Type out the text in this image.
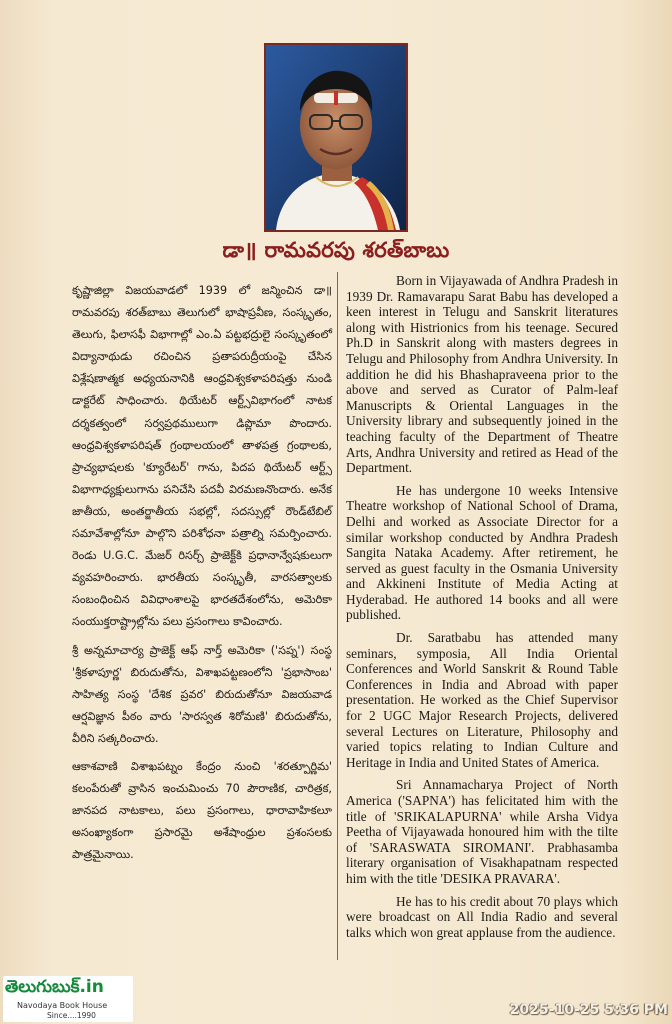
డా॥ రామవరపు శరత్‌బాబు

కృష్ణాజిల్లా విజయవాడలో 1939 లో జన్మించిన డా॥రామవరపు శరత్‌బాబు తెలుగులో భాషాప్రవీణ, సంస్కృతం, తెలుగు, ఫిలాసఫీ విభాగాల్లో ఎం.ఏ పట్టభద్రులై సంస్కృతంలో విద్యానాథుడు రచించిన ప్రతాపరుద్రీయంపై చేసిన విశ్లేషణాత్మక అధ్యయనానికి ఆంధ్రవిశ్వకళాపరిషత్తు నుండి డాక్టరేట్ సాధించారు. థియేటర్ ఆర్ట్స్‌విభాగంలో నాటక దర్శకత్వంలో సర్వప్రథములుగా డిప్లొమా పొందారు. ఆంధ్రవిశ్వకళాపరిషత్ గ్రంథాలయంలో తాళపత్ర గ్రంథాలకు, ప్రాచ్యభాషలకు 'క్యూరేటర్' గాను, పిదప థియేటర్ ఆర్ట్స్ విభాగాధ్యక్షులుగాను పనిచేసి పదవీ విరమణనొందారు. అనేక జాతీయ, అంతర్జాతీయ సభల్లో, సదస్సుల్లో రౌండ్‌టేబిల్ సమావేశాల్లోనూ పాల్గొని పరిశోధనా పత్రాల్ని సమర్పించారు. రెండు U.G.C. మేజర్ రిసర్చ్ ప్రాజెక్ట్‌కి ప్రధానాన్వేషకులుగా వ్యవహరించారు. భారతీయ సంస్కృతీ, వారసత్వాలకు సంబంధించిన వివిధాంశాలపై భారతదేశంలోను, అమెరికా సంయుక్తరాష్ట్రాల్లోను పలు ప్రసంగాలు కావించారు.

శ్రీ అన్నమాచార్య ప్రాజెక్ట్ ఆఫ్ నార్త్ అమెరికా ('సప్న') సంస్థ 'శ్రీకళాపూర్ణ' బిరుదుతోను, విశాఖపట్టణంలోని 'ప్రభాసాంబ' సాహిత్య సంస్థ 'దేశిక ప్రవర' బిరుదుతోనూ విజయవాడ ఆర్షవిజ్ఞాన పీఠం వారు 'సారస్వత శిరోమణి' బిరుదుతోను, వీరిని సత్కరించారు.

ఆకాశవాణి విశాఖపట్నం కేంద్రం నుంచి 'శరత్పూర్ణిమ' కలంపేరుతో వ్రాసిన ఇంచుమించు 70 పౌరాణిక, చారిత్రక, జానపద నాటకాలు, పలు ప్రసంగాలు, ధారావాహికలూ అసంఖ్యాకంగా ప్రసారమై అశేషాంధ్రుల ప్రశంసలకు పాత్రమైనాయి.

Born in Vijayawada of Andhra Pradesh in 1939 Dr. Ramavarapu Sarat Babu has developed a keen interest in Telugu and Sanskrit literatures along with Histrionics from his teenage. Secured Ph.D in Sanskrit along with masters degrees in Telugu and Philosophy from Andhra University. In addition he did his Bhashapraveena prior to the above and served as Curator of Palm-leaf Manuscripts & Oriental Languages in the University library and subsequently joined in the teaching faculty of the Department of Theatre Arts, Andhra University and retired as Head of the Department.

He has undergone 10 weeks Intensive Theatre workshop of National School of Drama, Delhi and worked as Associate Director for a similar workshop conducted by Andhra Pradesh Sangita Nataka Academy. After retirement, he served as guest faculty in the Osmania University and Akkineni Institute of Media Acting at Hyderabad. He authored 14 books and all were published.

Dr. Saratbabu has attended many seminars, symposia, All India Oriental Conferences and World Sanskrit & Round Table Conferences in India and Abroad with paper presentation. He worked as the Chief Supervisor for 2 UGC Major Research Projects, delivered several Lectures on Literature, Philosophy and varied topics relating to Indian Culture and Heritage in India and United States of America.

Sri Annamacharya Project of North America ('SAPNA') has felicitated him with the title of 'SRIKALAPURNA' while Arsha Vidya Peetha of Vijayawada honoured him with the tilte of 'SARASWATA SIROMANI'. Prabhasamba literary organisation of Visakhapatnam respected him with the title 'DESIKA PRAVARA'.

He has to his credit about 70 plays which were broadcast on All India Radio and several talks which won great applause from the audience.

తెలుగుబుక్.in
Navodaya Book House
Since....1990	2025-10-25 5:36 PM
